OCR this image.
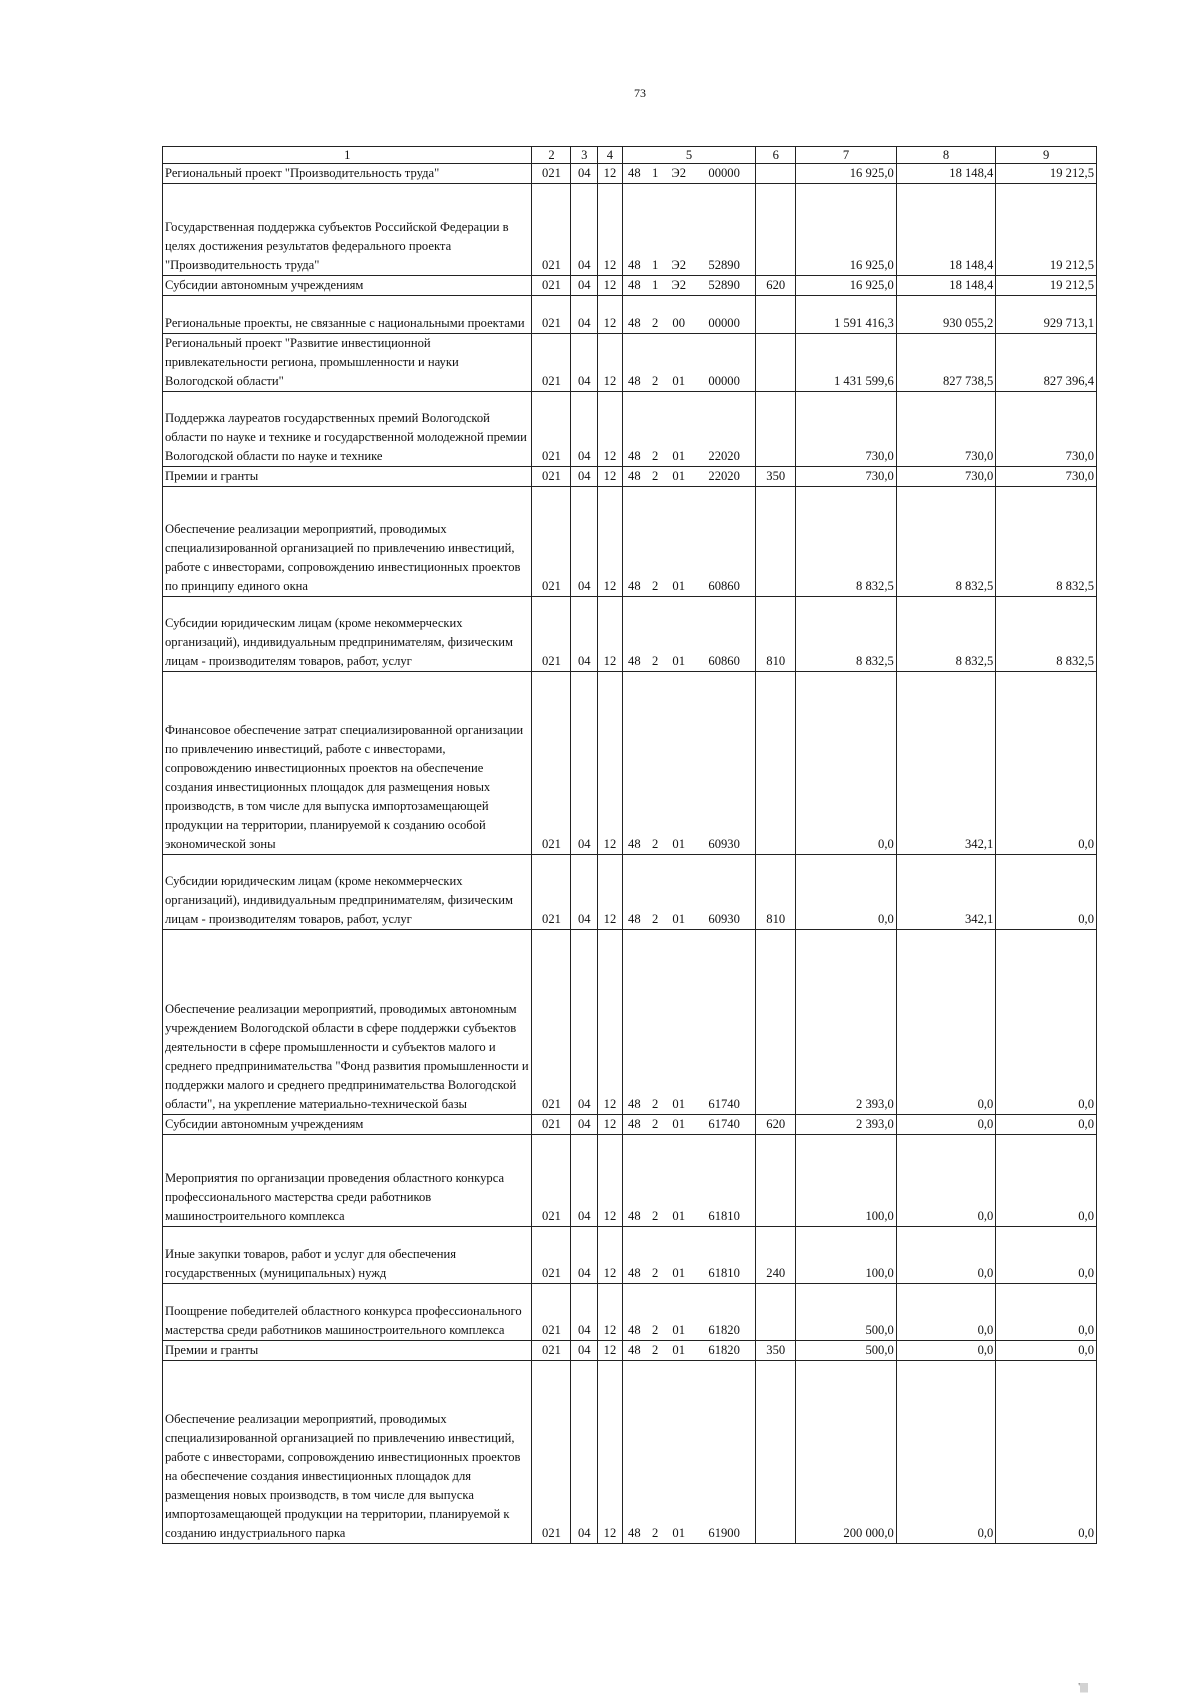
73
1	2	3	4	5				6	7	8	9
Региональный проект "Производительность труда"	021	04	12	48	1	Э2	00000		16 925,0	18 148,4	19 212,5
Государственная поддержка субъектов Российской Федерации в целях достижения результатов федерального проекта "Производительность труда"	021	04	12	48	1	Э2	52890		16 925,0	18 148,4	19 212,5
Субсидии автономным учреждениям	021	04	12	48	1	Э2	52890	620	16 925,0	18 148,4	19 212,5
Региональные проекты, не связанные с национальными проектами	021	04	12	48	2	00	00000		1 591 416,3	930 055,2	929 713,1
Региональный проект "Развитие инвестиционной привлекательности региона, промышленности и науки Вологодской области"	021	04	12	48	2	01	00000		1 431 599,6	827 738,5	827 396,4
Поддержка лауреатов государственных премий Вологодской области по науке и технике и государственной молодежной премии Вологодской области по науке и технике	021	04	12	48	2	01	22020		730,0	730,0	730,0
Премии и гранты	021	04	12	48	2	01	22020	350	730,0	730,0	730,0
Обеспечение реализации мероприятий, проводимых специализированной организацией по привлечению инвестиций, работе с инвесторами, сопровождению инвестиционных проектов по принципу единого окна	021	04	12	48	2	01	60860		8 832,5	8 832,5	8 832,5
Субсидии юридическим лицам (кроме некоммерческих организаций), индивидуальным предпринимателям, физическим лицам - производителям товаров, работ, услуг	021	04	12	48	2	01	60860	810	8 832,5	8 832,5	8 832,5
Финансовое обеспечение затрат специализированной организации по привлечению инвестиций, работе с инвесторами, сопровождению инвестиционных проектов на обеспечение создания инвестиционных площадок для размещения новых производств, в том числе для выпуска импортозамещающей продукции на территории, планируемой к созданию особой экономической зоны	021	04	12	48	2	01	60930		0,0	342,1	0,0
Субсидии юридическим лицам (кроме некоммерческих организаций), индивидуальным предпринимателям, физическим лицам - производителям товаров, работ, услуг	021	04	12	48	2	01	60930	810	0,0	342,1	0,0
Обеспечение реализации мероприятий, проводимых автономным учреждением Вологодской области в сфере поддержки субъектов деятельности в сфере промышленности и субъектов малого и среднего предпринимательства "Фонд развития промышленности и поддержки малого и среднего предпринимательства Вологодской области", на укрепление материально-технической базы	021	04	12	48	2	01	61740		2 393,0	0,0	0,0
Субсидии автономным учреждениям	021	04	12	48	2	01	61740	620	2 393,0	0,0	0,0
Мероприятия по организации проведения областного конкурса профессионального мастерства среди работников машиностроительного комплекса	021	04	12	48	2	01	61810		100,0	0,0	0,0
Иные закупки товаров, работ и услуг для обеспечения государственных (муниципальных) нужд	021	04	12	48	2	01	61810	240	100,0	0,0	0,0
Поощрение победителей областного конкурса профессионального мастерства среди работников машиностроительного комплекса	021	04	12	48	2	01	61820		500,0	0,0	0,0
Премии и гранты	021	04	12	48	2	01	61820	350	500,0	0,0	0,0
Обеспечение реализации мероприятий, проводимых специализированной организацией по привлечению инвестиций, работе с инвесторами, сопровождению инвестиционных проектов на обеспечение создания инвестиционных площадок для размещения новых производств, в том числе для выпуска импортозамещающей продукции на территории, планируемой к созданию индустриального парка	021	04	12	48	2	01	61900		200 000,0	0,0	0,0
'||||
